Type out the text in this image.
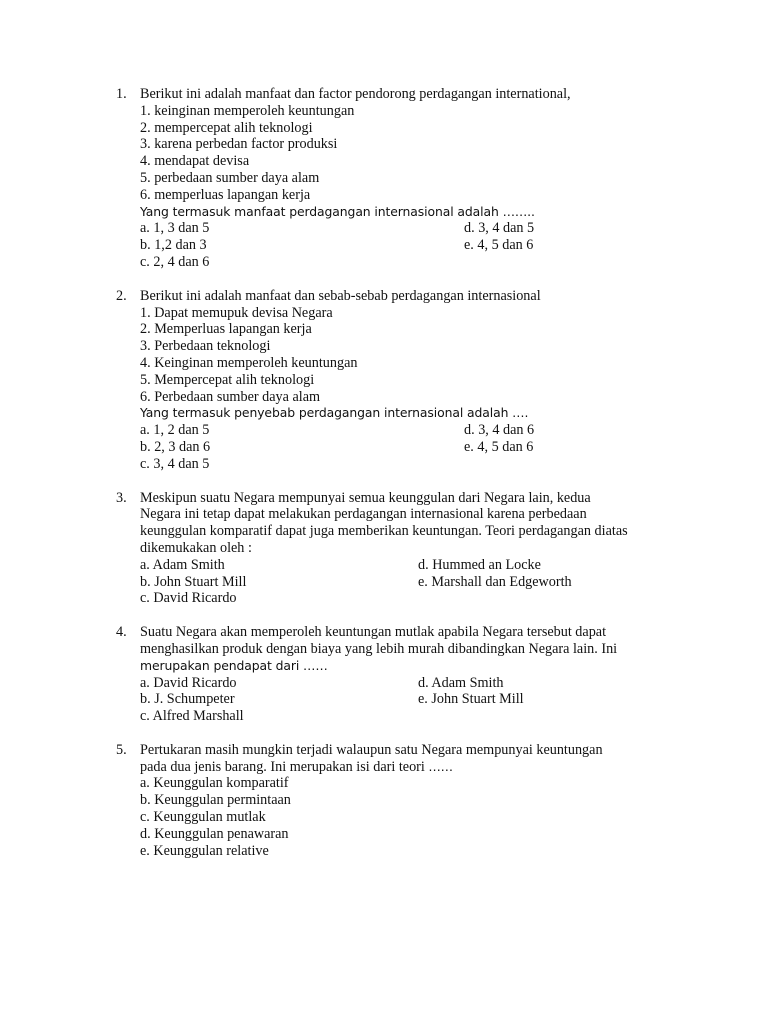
1. Berikut ini adalah manfaat dan factor pendorong perdagangan international,
1. keinginan memperoleh keuntungan
2. mempercepat alih teknologi
3. karena perbedan factor produksi
4. mendapat devisa
5. perbedaan sumber daya alam
6. memperluas lapangan kerja
Yang termasuk manfaat perdagangan internasional adalah ……..
a. 1, 3 dan 5	d. 3, 4 dan 5
b. 1,2 dan 3	e. 4, 5 dan 6
c. 2, 4 dan 6
2. Berikut ini adalah manfaat dan sebab-sebab perdagangan internasional
1. Dapat memupuk devisa Negara
2. Memperluas lapangan kerja
3. Perbedaan teknologi
4. Keinginan memperoleh keuntungan
5. Mempercepat alih teknologi
6. Perbedaan sumber daya alam
Yang termasuk penyebab perdagangan internasional adalah ….
a. 1, 2 dan 5	d. 3, 4 dan 6
b. 2, 3 dan 6	e. 4, 5 dan 6
c. 3, 4 dan 5
3. Meskipun suatu Negara mempunyai semua keunggulan dari Negara lain, kedua
Negara ini tetap dapat melakukan perdagangan internasional karena perbedaan
keunggulan komparatif dapat juga memberikan keuntungan. Teori perdagangan diatas
dikemukakan oleh :
a. Adam Smith	d. Hummed an Locke
b. John Stuart Mill	e. Marshall dan Edgeworth
c. David Ricardo
4. Suatu Negara akan memperoleh keuntungan mutlak apabila Negara tersebut dapat
menghasilkan produk dengan biaya yang lebih murah dibandingkan Negara lain. Ini
merupakan pendapat dari ……
a. David Ricardo	d. Adam Smith
b. J. Schumpeter	e. John Stuart Mill
c. Alfred Marshall
5. Pertukaran masih mungkin terjadi walaupun satu Negara mempunyai keuntungan
pada dua jenis barang. Ini merupakan isi dari teori ……
a. Keunggulan komparatif
b. Keunggulan permintaan
c. Keunggulan mutlak
d. Keunggulan penawaran
e. Keunggulan relative
